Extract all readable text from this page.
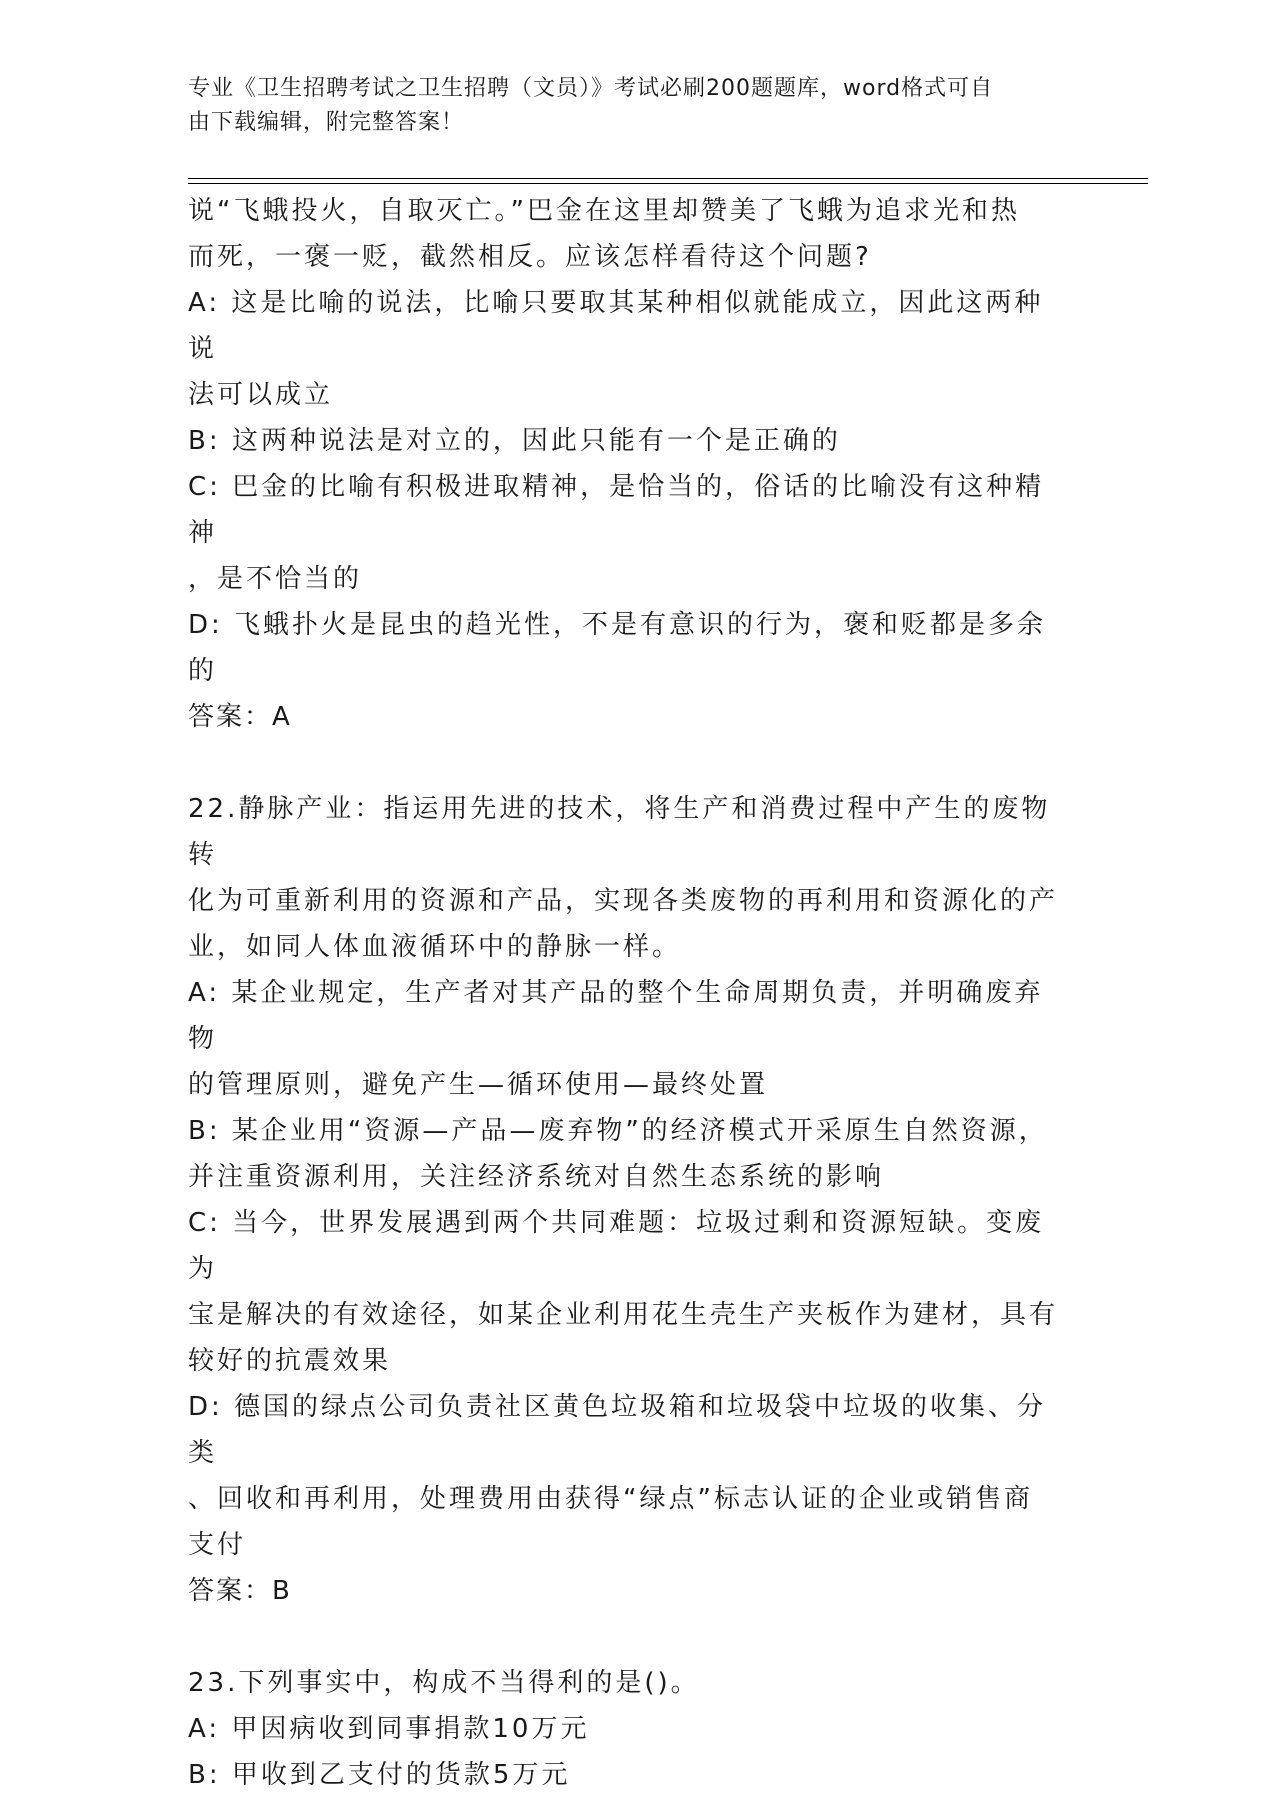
专业《卫生招聘考试之卫生招聘（文员）》考试必刷200题题库，word格式可自
由下载编辑，附完整答案！

说“飞蛾投火，自取灭亡。”巴金在这里却赞美了飞蛾为追求光和热

而死，一褒一贬，截然相反。应该怎样看待这个问题?

A: 这是比喻的说法，比喻只要取其某种相似就能成立，因此这两种说

法可以成立

B: 这两种说法是对立的，因此只能有一个是正确的

C: 巴金的比喻有积极进取精神，是恰当的，俗话的比喻没有这种精神

，是不恰当的

D: 飞蛾扑火是昆虫的趋光性，不是有意识的行为，褒和贬都是多余的

答案：A

22.静脉产业：指运用先进的技术，将生产和消费过程中产生的废物转

化为可重新利用的资源和产品，实现各类废物的再利用和资源化的产

业，如同人体血液循环中的静脉一样。

A: 某企业规定，生产者对其产品的整个生命周期负责，并明确废弃物

的管理原则，避免产生—循环使用—最终处置

B: 某企业用“资源—产品—废弃物”的经济模式开采原生自然资源，

并注重资源利用，关注经济系统对自然生态系统的影响

C: 当今，世界发展遇到两个共同难题：垃圾过剩和资源短缺。变废为

宝是解决的有效途径，如某企业利用花生壳生产夹板作为建材，具有

较好的抗震效果

D: 德国的绿点公司负责社区黄色垃圾箱和垃圾袋中垃圾的收集、分类

、回收和再利用，处理费用由获得“绿点”标志认证的企业或销售商

支付

答案：B

23.下列事实中，构成不当得利的是()。

A: 甲因病收到同事捐款10万元

B: 甲收到乙支付的货款5万元
